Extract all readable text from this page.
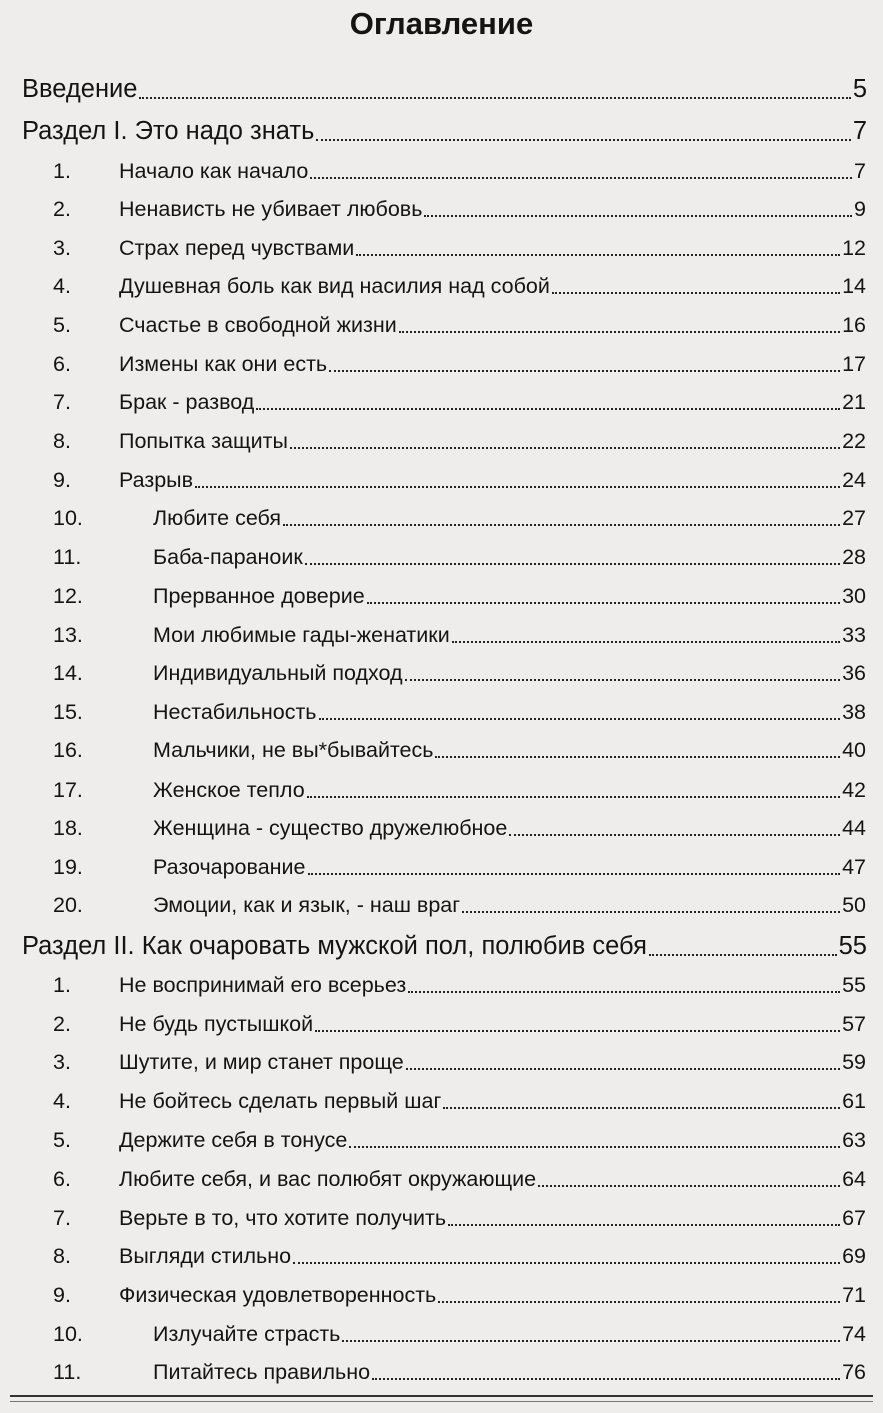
Оглавление
Введение	5
Раздел I. Это надо знать	7
1. Начало как начало	7
2. Ненависть не убивает любовь	9
3. Страх перед чувствами	12
4. Душевная боль как вид насилия над собой	14
5. Счастье в свободной жизни	16
6. Измены как они есть	17
7. Брак - развод	21
8. Попытка защиты	22
9. Разрыв	24
10.	Любите себя	27
11.	Баба-параноик	28
12.	Прерванное доверие	30
13.	Мои любимые гады-женатики	33
14.	Индивидуальный подход	36
15.	Нестабильность	38
16.	Мальчики, не вы*бывайтесь	40
17.	Женское тепло	42
18.	Женщина - существо дружелюбное	44
19.	Разочарование	47
20.	Эмоции, как и язык, - наш враг	50
Раздел II. Как очаровать мужской пол, полюбив себя	55
1. Не воспринимай его всерьез	55
2. Не будь пустышкой	57
3. Шутите, и мир станет проще	59
4. Не бойтесь сделать первый шаг	61
5. Держите себя в тонусе	63
6. Любите себя, и вас полюбят окружающие	64
7. Верьте в то, что хотите получить	67
8. Выгляди стильно	69
9. Физическая удовлетворенность	71
10.	Излучайте страсть	74
11.	Питайтесь правильно	76
